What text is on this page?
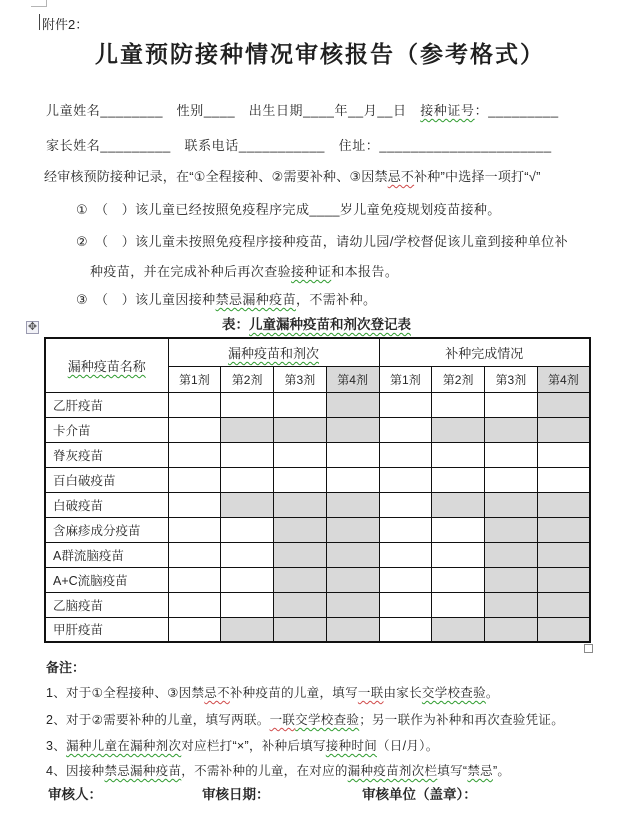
附件2：
儿童预防接种情况审核报告（参考格式）

儿童姓名________　性别____　出生日期____年__月__日　接种证号：_________

家长姓名_________　联系电话___________　住址：______________________

经审核预防接种记录，在“①全程接种、②需要补种、③因禁忌不补种”中选择一项打“√”

①　（　）该儿童已经按照免疫程序完成____岁儿童免疫规划疫苗接种。

②　（　）该儿童未按照免疫程序接种疫苗，请幼儿园/学校督促该儿童到接种单位补

种疫苗，并在完成补种后再次查验接种证和本报告。

③　（　）该儿童因接种禁忌漏种疫苗，不需补种。

表：儿童漏种疫苗和剂次登记表
✥
漏种疫苗名称	漏种疫苗和剂次				补种完成情况			
	第1剂	第2剂	第3剂	第4剂	第1剂	第2剂	第3剂	第4剂
乙肝疫苗								
卡介苗								
脊灰疫苗								
百白破疫苗								
白破疫苗								
含麻疹成分疫苗								
A群流脑疫苗								
A+C流脑疫苗								
乙脑疫苗								
甲肝疫苗								

备注：

1、对于①全程接种、③因禁忌不补种疫苗的儿童，填写一联由家长交学校查验。

2、对于②需要补种的儿童，填写两联。一联交学校查验；另一联作为补种和再次查验凭证。

3、漏种儿童在漏种剂次对应栏打“×”，补种后填写接种时间（日/月）。

4、因接种禁忌漏种疫苗，不需补种的儿童，在对应的漏种疫苗剂次栏填写“禁忌”。

审核人：	审核日期：	审核单位（盖章）：
